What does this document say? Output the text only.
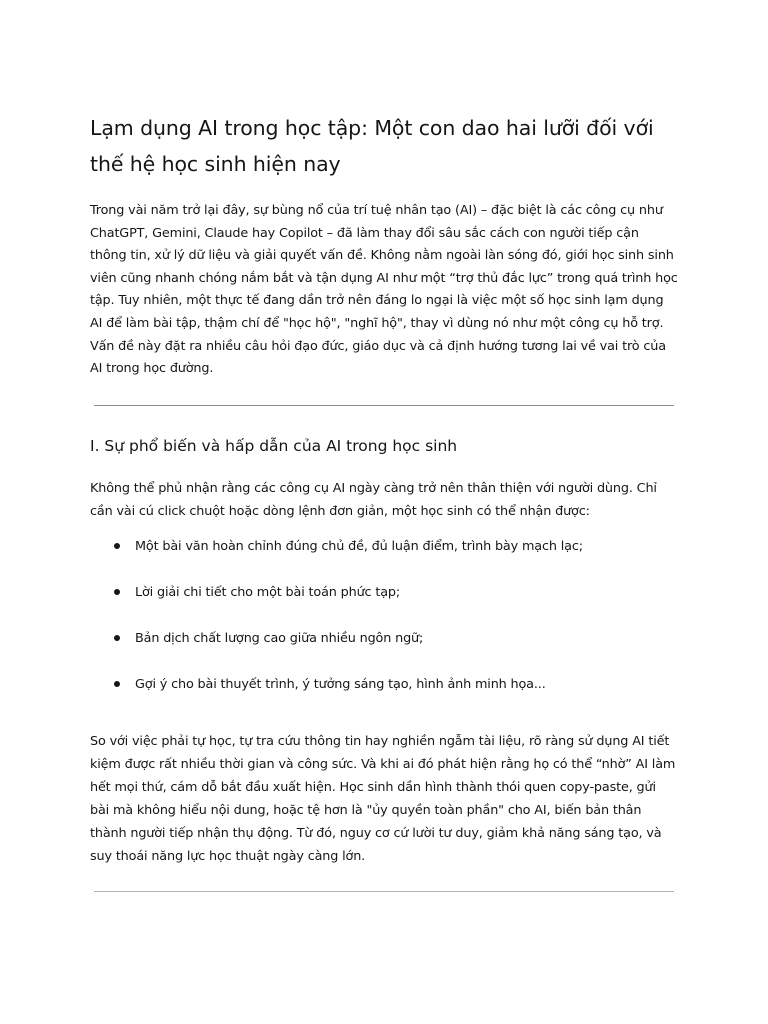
Lạm dụng AI trong học tập: Một con dao hai lưỡi đối với thế hệ học sinh hiện nay

Trong vài năm trở lại đây, sự bùng nổ của trí tuệ nhân tạo (AI) – đặc biệt là các công cụ như ChatGPT, Gemini, Claude hay Copilot – đã làm thay đổi sâu sắc cách con người tiếp cận thông tin, xử lý dữ liệu và giải quyết vấn đề. Không nằm ngoài làn sóng đó, giới học sinh sinh viên cũng nhanh chóng nắm bắt và tận dụng AI như một “trợ thủ đắc lực” trong quá trình học tập. Tuy nhiên, một thực tế đang dần trở nên đáng lo ngại là việc một số học sinh lạm dụng AI để làm bài tập, thậm chí để "học hộ", "nghĩ hộ", thay vì dùng nó như một công cụ hỗ trợ. Vấn đề này đặt ra nhiều câu hỏi đạo đức, giáo dục và cả định hướng tương lai về vai trò của AI trong học đường.

I. Sự phổ biến và hấp dẫn của AI trong học sinh

Không thể phủ nhận rằng các công cụ AI ngày càng trở nên thân thiện với người dùng. Chỉ cần vài cú click chuột hoặc dòng lệnh đơn giản, một học sinh có thể nhận được:

Một bài văn hoàn chỉnh đúng chủ đề, đủ luận điểm, trình bày mạch lạc;
Lời giải chi tiết cho một bài toán phức tạp;
Bản dịch chất lượng cao giữa nhiều ngôn ngữ;
Gợi ý cho bài thuyết trình, ý tưởng sáng tạo, hình ảnh minh họa...

So với việc phải tự học, tự tra cứu thông tin hay nghiền ngẫm tài liệu, rõ ràng sử dụng AI tiết kiệm được rất nhiều thời gian và công sức. Và khi ai đó phát hiện rằng họ có thể “nhờ” AI làm hết mọi thứ, cám dỗ bắt đầu xuất hiện. Học sinh dần hình thành thói quen copy-paste, gửi bài mà không hiểu nội dung, hoặc tệ hơn là "ủy quyền toàn phần" cho AI, biến bản thân thành người tiếp nhận thụ động. Từ đó, nguy cơ cứ lười tư duy, giảm khả năng sáng tạo, và suy thoái năng lực học thuật ngày càng lớn.
